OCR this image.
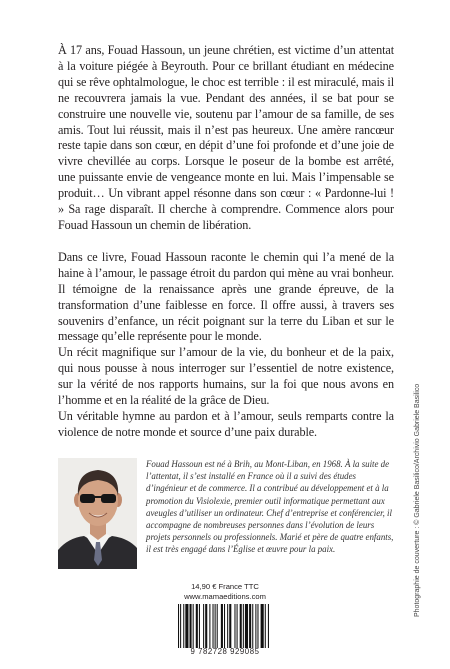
À 17 ans, Fouad Hassoun, un jeune chrétien, est victime d’un attentat à la voiture piégée à Beyrouth. Pour ce brillant étudiant en médecine qui se rêve ophtalmologue, le choc est terrible : il est miraculé, mais il ne recouvrera jamais la vue. Pendant des années, il se bat pour se construire une nouvelle vie, soutenu par l’amour de sa famille, de ses amis. Tout lui réussit, mais il n’est pas heureux. Une amère rancœur reste tapie dans son cœur, en dépit d’une foi profonde et d’une joie de vivre chevillée au corps. Lorsque le poseur de la bombe est arrêté, une puissante envie de vengeance monte en lui. Mais l’impensable se produit… Un vibrant appel résonne dans son cœur : « Pardonne-lui ! » Sa rage disparaît. Il cherche à comprendre. Commence alors pour Fouad Hassoun un chemin de libération.

Dans ce livre, Fouad Hassoun raconte le chemin qui l’a mené de la haine à l’amour, le passage étroit du pardon qui mène au vrai bonheur. Il témoigne de la renaissance après une grande épreuve, de la transformation d’une faiblesse en force. Il offre aussi, à travers ses souvenirs d’enfance, un récit poignant sur la terre du Liban et sur le message qu’elle représente pour le monde.

Un récit magnifique sur l’amour de la vie, du bonheur et de la paix, qui nous pousse à nous interroger sur l’essentiel de notre existence, sur la vérité de nos rapports humains, sur la foi que nous avons en l’homme et en la réalité de la grâce de Dieu.

Un véritable hymne au pardon et à l’amour, seuls remparts contre la violence de notre monde et source d’une paix durable.

Fouad Hassoun est né à Brih, au Mont-Liban, en 1968. À la suite de l’attentat, il s’est installé en France où il a suivi des études d’ingénieur et de commerce. Il a contribué au développement et à la promotion du Visiolexie, premier outil informatique permettant aux aveugles d’utiliser un ordinateur. Chef d’entreprise et conférencier, il accompagne de nombreuses personnes dans l’évolution de leurs projets personnels ou professionnels. Marié et père de quatre enfants, il est très engagé dans l’Église et œuvre pour la paix.
14,90 € France TTC
www.mamaeditions.com
9 782728 929085
Photographie de couverture : © Gabriele Basilico/Archivio Gabriele Basilico
